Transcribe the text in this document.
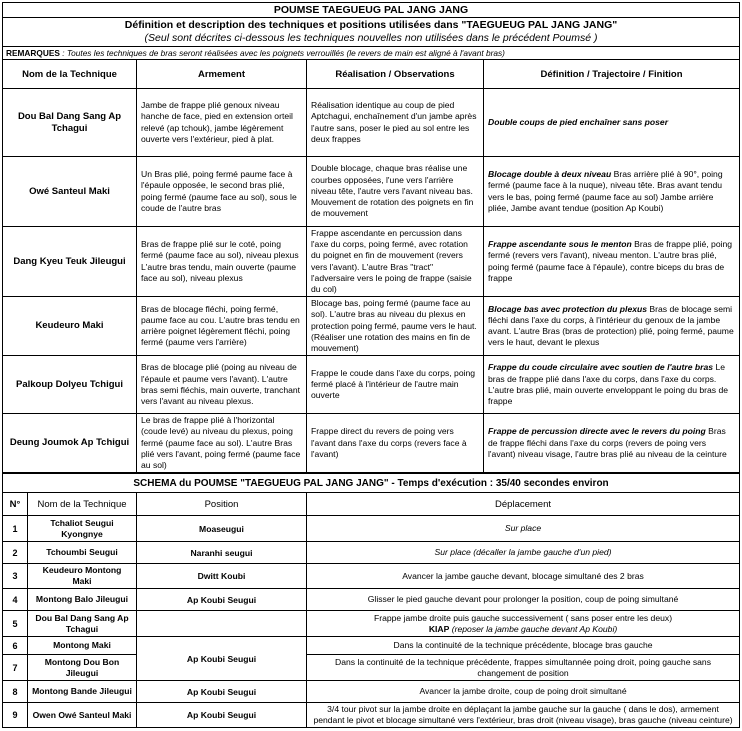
POUMSE TAEGUEUG PAL JANG JANG			
Définition et description des techniques et positions utilisées dans "TAEGUEUG PAL JANG JANG"
(Seul sont décrites ci-dessous les techniques nouvelles non utilisées dans le précédent Poumsé )			
REMARQUES : Toutes les techniques de bras seront réalisées avec les poignets verrouillés (le revers de main est aligné à l'avant bras)			
Nom de la Technique	Armement	Réalisation / Observations	Définition / Trajectoire / Finition
Dou Bal Dang Sang Ap Tchagui	Jambe de frappe plié genoux niveau hanche de face, pied en extension orteil relevé (ap tchouk), jambe légèrement ouverte vers l'extérieur, pied à plat.	Réalisation identique au coup de pied Aptchagui, enchaînement d'un jambe après l'autre sans, poser le pied au sol entre les deux frappes	Double coups de pied enchaîner sans poser
Owé Santeul Maki	Un Bras plié, poing fermé paume face à l'épaule opposée, le second bras plié, poing fermé (paume face au sol), sous le coude de l'autre bras	Double blocage, chaque bras réalise une courbes opposées, l'une vers l'arrière niveau tête, l'autre vers l'avant niveau bas. Mouvement de rotation des poignets en fin de mouvement	Blocage double à deux niveau Bras arrière plié à 90°, poing fermé (paume face à la nuque), niveau tête. Bras avant tendu vers le bas, poing fermé (paume face au sol) Jambe arrière pliée, Jambe avant tendue (position Ap Koubi)
Dang Kyeu Teuk Jileugui	Bras de frappe plié sur le coté, poing fermé (paume face au sol), niveau plexus L'autre bras tendu, main ouverte (paume face au sol), niveau plexus	Frappe ascendante en percussion dans l'axe du corps, poing fermé, avec rotation du poignet en fin de mouvement (revers vers l'avant). L'autre Bras "tract" l'adversaire vers le poing de frappe (saisie du col)	Frappe ascendante sous le menton Bras de frappe plié, poing fermé (revers vers l'avant), niveau menton. L'autre bras plié, poing fermé (paume face à l'épaule), contre biceps du bras de frappe
Keudeuro Maki	Bras de blocage fléchi, poing fermé, paume face au cou. L'autre bras tendu en arrière poignet légèrement fléchi, poing fermé (paume vers l'arrière)	Blocage bas, poing fermé (paume face au sol). L'autre bras au niveau du plexus en protection poing fermé, paume vers le haut. (Réaliser une rotation des mains en fin de mouvement)	Blocage bas avec protection du plexus Bras de blocage semi fléchi dans l'axe du corps, à l'intérieur du genoux de la jambe avant. L'autre Bras (bras de protection) plié, poing fermé, paume vers le haut, devant le plexus
Palkoup Dolyeu Tchigui	Bras de blocage plié (poing au niveau de l'épaule et paume vers l'avant). L'autre bras semi fléchis, main ouverte, tranchant vers l'avant au niveau plexus.	Frappe le coude dans l'axe du corps, poing fermé placé à l'intérieur de l'autre main ouverte	Frappe du coude circulaire avec soutien de l'autre bras Le bras de frappe plié dans l'axe du corps, dans l'axe du corps. L'autre bras plié, main ouverte enveloppant le poing du bras de frappe
Deung Joumok Ap Tchigui	Le bras de frappe plié à l'horizontal (coude levé) au niveau du plexus, poing fermé (paume face au sol). L'autre Bras plié vers l'avant, poing fermé (paume face au sol)	Frappe direct du revers de poing vers l'avant dans l'axe du corps (revers face à l'avant)	Frappe de percussion directe avec le revers du poing Bras de frappe fléchi dans l'axe du corps (revers de poing vers l'avant) niveau visage, l'autre bras plié au niveau de la ceinture
SCHEMA du POUMSE "TAEGUEUG PAL JANG JANG" - Temps d'exécution : 35/40 secondes environ			
N°	Nom de la Technique	Position	Déplacement
1	Tchaliot Seugui Kyongnye	Moaseugui	Sur place
2	Tchoumbi Seugui	Naranhi seugui	Sur place (décaller la jambe gauche d'un pied)
3	Keudeuro Montong Maki	Dwitt Koubi	Avancer la jambe gauche devant, blocage simultané des 2 bras
4	Montong Balo Jileugui	Ap Koubi Seugui	Glisser le pied gauche devant pour prolonger la position, coup de poing simultané
5	Dou Bal Dang Sang Ap Tchagui		Frappe jambe droite puis gauche successivement ( sans poser entre les deux)
KIAP (reposer la jambe gauche devant Ap Koubi)
6	Montong Maki	Ap Koubi Seugui	Dans la continuité de la technique précédente, blocage bras gauche
7	Montong Dou Bon Jileugui		Dans la continuité de la technique précédente, frappes simultannée poing droit, poing gauche sans changement de position
8	Montong Bande Jileugui	Ap Koubi Seugui	Avancer la jambe droite, coup de poing droit simultané
9	Owen Owé Santeul Maki	Ap Koubi Seugui	3/4 tour pivot sur la jambe droite en déplaçant la jambe gauche sur la gauche ( dans le dos), armement pendant le pivot et blocage simultané vers l'extérieur, bras droit (niveau visage), bras gauche (niveau ceinture)
